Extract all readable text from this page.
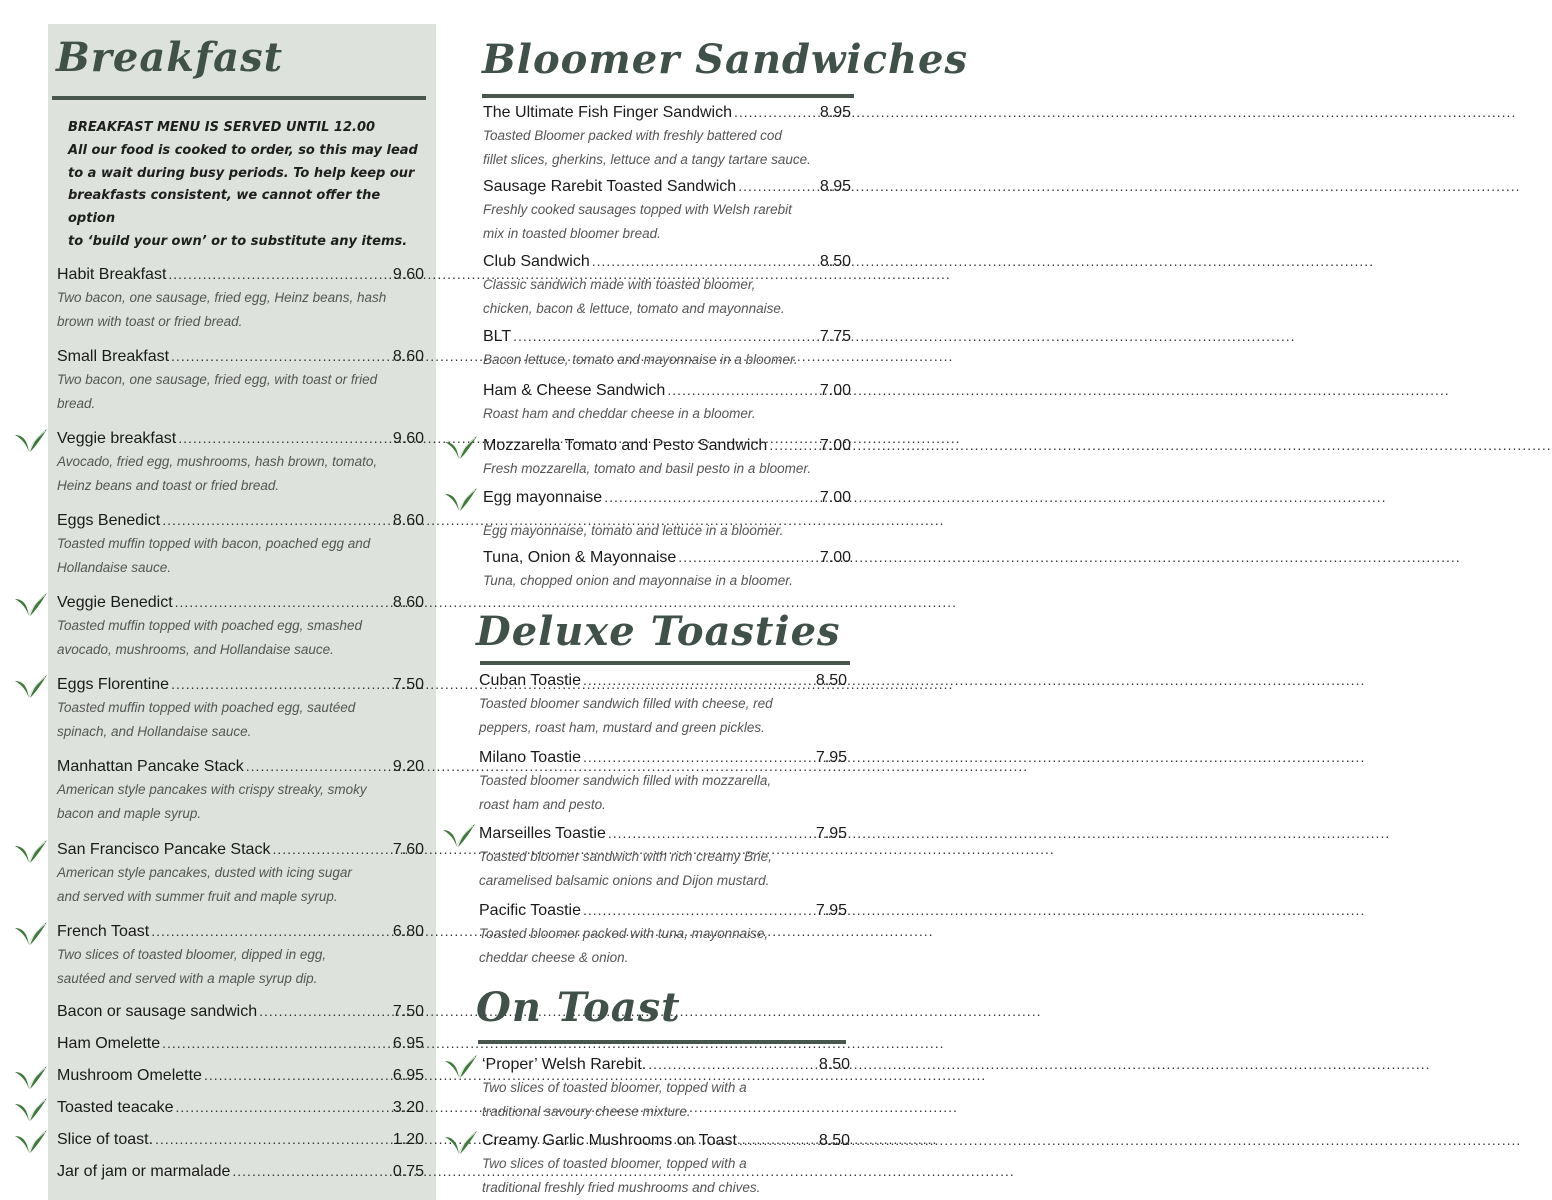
Breakfast
BREAKFAST MENU IS SERVED UNTIL 12.00
All our food is cooked to order, so this may lead
to a wait during busy periods. To help keep our
breakfasts consistent, we cannot offer the option
to ‘build your own’ or to substitute any items.
Habit Breakfast .....	9.60
Two bacon, one sausage, fried egg, Heinz beans, hash
brown with toast or fried bread.
Small Breakfast .....	8.60
Two bacon, one sausage, fried egg, with toast or fried
bread.
Veggie breakfast .....	9.60
Avocado, fried egg, mushrooms, hash brown, tomato,
Heinz beans and toast or fried bread.
Eggs Benedict .....	8.60
Toasted muffin topped with bacon, poached egg and
Hollandaise sauce.
Veggie Benedict .....	8.60
Toasted muffin topped with poached egg, smashed
avocado, mushrooms, and Hollandaise sauce.
Eggs Florentine .....	7.50
Toasted muffin topped with poached egg, sautéed
spinach, and Hollandaise sauce.
Manhattan Pancake Stack .....	9.20
American style pancakes with crispy streaky, smoky
bacon and maple syrup.
San Francisco Pancake Stack .....	7.60
American style pancakes, dusted with icing sugar
and served with summer fruit and maple syrup.
French Toast .....	6.80
Two slices of toasted bloomer, dipped in egg,
sautéed and served with a maple syrup dip.
Bacon or sausage sandwich .....	7.50
Ham Omelette .....	6.95
Mushroom Omelette .....	6.95
Toasted teacake .....	3.20
Slice of toast. .....	1.20
Jar of jam or marmalade .....	0.75
Bloomer Sandwiches
The Ultimate Fish Finger Sandwich .....	8.95
Toasted Bloomer packed with freshly battered cod
fillet slices, gherkins, lettuce and a tangy tartare sauce.
Sausage Rarebit Toasted Sandwich .....	8.95
Freshly cooked sausages topped with Welsh rarebit
mix in toasted bloomer bread.
Club Sandwich .....	8.50
Classic sandwich made with toasted bloomer,
chicken, bacon & lettuce, tomato and mayonnaise.
BLT .....	7.75
Bacon lettuce, tomato and mayonnaise in a bloomer.
Ham & Cheese Sandwich .....	7.00
Roast ham and cheddar cheese in a bloomer.
Mozzarella Tomato and Pesto Sandwich .....	7.00
Fresh mozzarella, tomato and basil pesto in a bloomer.
Egg mayonnaise .....	7.00
Egg mayonnaise, tomato and lettuce in a bloomer.
Tuna, Onion & Mayonnaise .....	7.00
Tuna, chopped onion and mayonnaise in a bloomer.
Deluxe Toasties
Cuban Toastie .....	8.50
Toasted bloomer sandwich filled with cheese, red
peppers, roast ham, mustard and green pickles.
Milano Toastie .....	7.95
Toasted bloomer sandwich filled with mozzarella,
roast ham and pesto.
Marseilles Toastie .....	7.95
Toasted bloomer sandwich with rich creamy Brie,
caramelised balsamic onions and Dijon mustard.
Pacific Toastie .....	7.95
Toasted bloomer packed with tuna, mayonnaise,
cheddar cheese & onion.
On Toast
‘Proper’ Welsh Rarebit. .....	8.50
Two slices of toasted bloomer, topped with a
traditional savoury cheese mixture.
Creamy Garlic Mushrooms on Toast .....	8.50
Two slices of toasted bloomer, topped with a
traditional freshly fried mushrooms and chives.
